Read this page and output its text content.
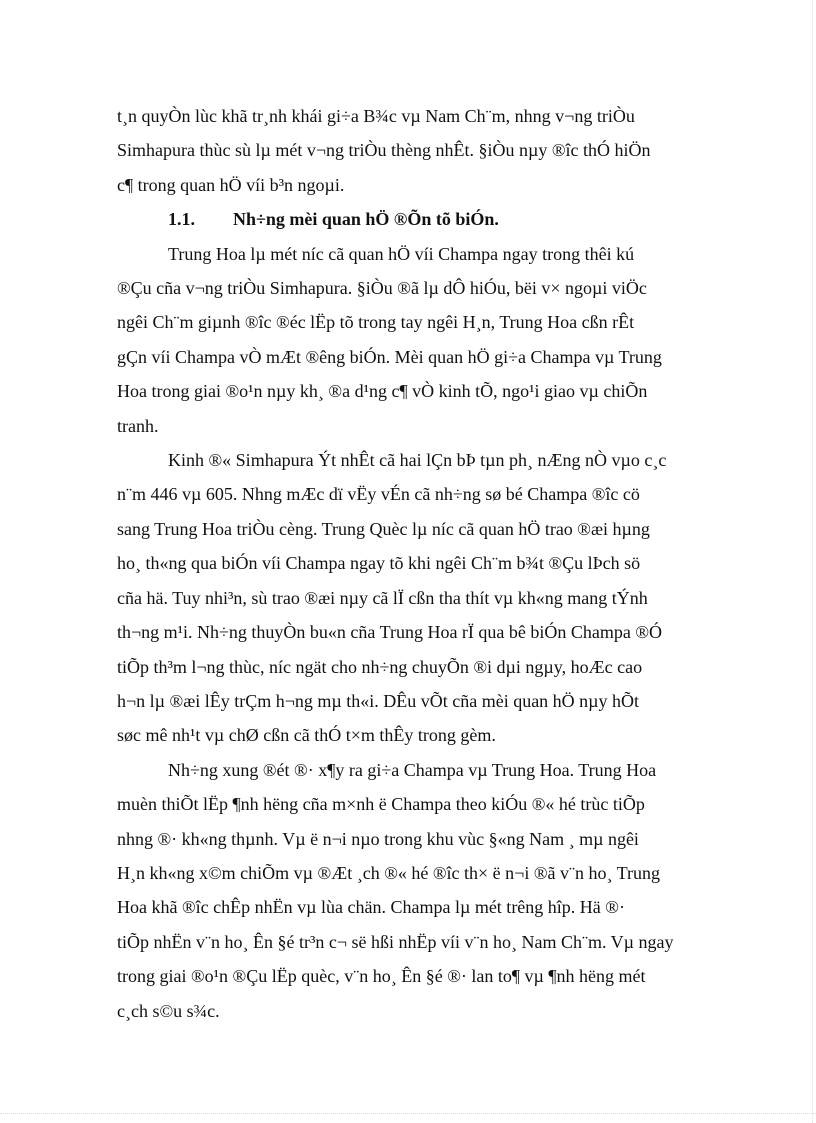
t¸n quyÒn lùc khã tr¸nh khái gi÷a B¾c vµ Nam Ch¨m, nhng v¬ng triÒu
Simhapura thùc sù lµ mét v¬ng triÒu thèng nhÊt. §iÒu nµy ®îc thÓ hiÖn
c¶ trong quan hÖ víi b³n ngoµi.
1.1. Nh÷ng mèi quan hÖ ®Õn tõ biÓn.
Trung Hoa lµ mét níc cã quan hÖ víi Champa ngay trong thêi kú
®Çu cña v¬ng triÒu Simhapura. §iÒu ®ã lµ dÔ hiÓu, bëi v× ngoµi viÖc
ngêi Ch¨m giµnh ®îc ®éc lËp tõ trong tay ngêi H¸n, Trung Hoa cßn rÊt
gÇn víi Champa vÒ mÆt ®êng biÓn. Mèi quan hÖ gi÷a Champa vµ Trung
Hoa trong giai ®o¹n nµy kh¸ ®a d¹ng c¶ vÒ kinh tÕ, ngo¹i giao vµ chiÕn
tranh.
Kinh ®« Simhapura Ýt nhÊt cã hai lÇn bÞ tµn ph¸ nÆng nÒ vµo c¸c
n¨m 446 vµ 605. Nhng mÆc dï vËy vÉn cã nh÷ng sø bé Champa ®îc cö
sang Trung Hoa triÒu cèng. Trung Quèc lµ níc cã quan hÖ trao ®æi hµng
ho¸ th«ng qua biÓn víi Champa ngay tõ khi ngêi Ch¨m b¾t ®Çu lÞch sö
cña hä. Tuy nhi³n, sù trao ®æi nµy cã lÏ cßn tha thít vµ kh«ng mang tÝnh
th¬ng m¹i. Nh÷ng thuyÒn bu«n cña Trung Hoa rÏ qua bê biÓn Champa ®Ó
tiÕp th³m l¬ng thùc, níc ngät cho nh÷ng chuyÕn ®i dµi ngµy, hoÆc cao
h¬n lµ ®æi lÊy trÇm h¬ng mµ th«i. DÊu vÕt cña mèi quan hÖ nµy hÕt
søc mê nh¹t vµ chØ cßn cã thÓ t×m thÊy trong gèm.
Nh÷ng xung ®ét ®· x¶y ra gi÷a Champa vµ Trung Hoa. Trung Hoa
muèn thiÕt lËp ¶nh hëng cña m×nh ë Champa theo kiÓu ®« hé trùc tiÕp
nhng ®· kh«ng thµnh. Vµ ë n¬i nµo trong khu vùc §«ng Nam ¸ mµ ngêi
H¸n kh«ng x©m chiÕm vµ ®Æt ¸ch ®« hé ®îc th× ë n¬i ®ã v¨n ho¸ Trung
Hoa khã ®îc chÊp nhËn vµ lùa chän. Champa lµ mét trêng hîp. Hä ®·
tiÕp nhËn v¨n ho¸ Ên §é tr³n c¬ së hßi nhËp víi v¨n ho¸ Nam Ch¨m. Vµ ngay
trong giai ®o¹n ®Çu lËp quèc, v¨n ho¸ Ên §é ®· lan to¶ vµ ¶nh hëng mét
c¸ch s©u s¾c.
